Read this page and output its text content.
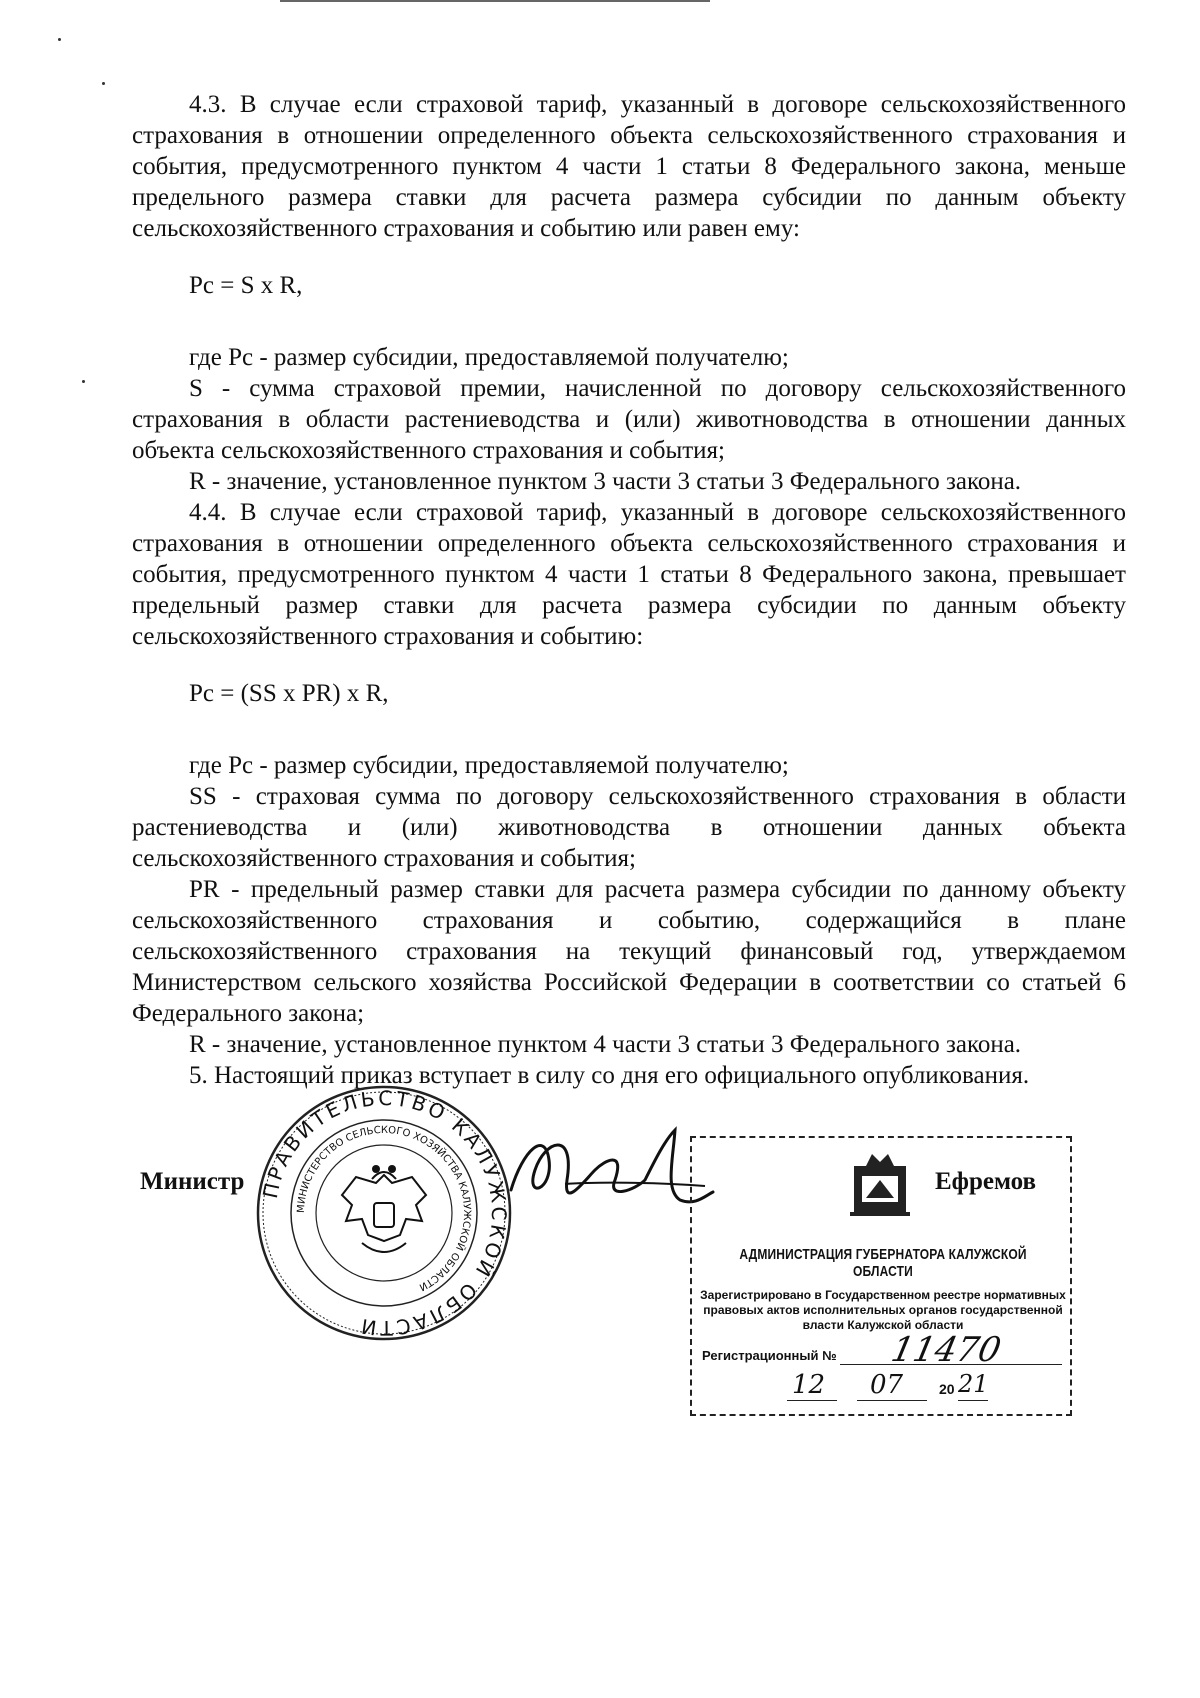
4.3. В случае если страховой тариф, указанный в договоре сельскохозяйственного страхования в отношении определенного объекта сельскохозяйственного страхования и события, предусмотренного пунктом 4 части 1 статьи 8 Федерального закона, меньше предельного размера ставки для расчета размера субсидии по данным объекту сельскохозяйственного страхования и событию или равен ему:

Pc = S x R,

где Pc - размер субсидии, предоставляемой получателю;

S - сумма страховой премии, начисленной по договору сельскохозяйственного страхования в области растениеводства и (или) животноводства в отношении данных объекта сельскохозяйственного страхования и события;

R - значение, установленное пунктом 3 части 3 статьи 3 Федерального закона.

4.4. В случае если страховой тариф, указанный в договоре сельскохозяйственного страхования в отношении определенного объекта сельскохозяйственного страхования и события, предусмотренного пунктом 4 части 1 статьи 8 Федерального закона, превышает предельный размер ставки для расчета размера субсидии по данным объекту сельскохозяйственного страхования и событию:

Pc = (SS x PR) x R,

где Pc - размер субсидии, предоставляемой получателю;

SS - страховая сумма по договору сельскохозяйственного страхования в области растениеводства и (или) животноводства в отношении данных объекта сельскохозяйственного страхования и события;

PR - предельный размер ставки для расчета размера субсидии по данному объекту сельскохозяйственного страхования и событию, содержащийся в плане сельскохозяйственного страхования на текущий финансовый год, утверждаемом Министерством сельского хозяйства Российской Федерации в соответствии со статьей 6 Федерального закона;

R - значение, установленное пунктом 4 части 3 статьи 3 Федерального закона.

5. Настоящий приказ вступает в силу со дня его официального опубликования.

Министр ПРАВИТЕЛЬСТВО КАЛУЖСКОЙ ОБЛАСТИ
МИНИСТЕРСТВО СЕЛЬСКОГО ХОЗЯЙСТВА КАЛУЖСКОЙ ОБЛАСТИ
АДМИНИСТРАЦИЯ ГУБЕРНАТОРА КАЛУЖСКОЙ ОБЛАСТИ
Зарегистрировано в Государственном реестре нормативных правовых актов исполнительных органов государственной власти Калужской области
Регистрационный № 11470
12 07	20 21
Ефремов
